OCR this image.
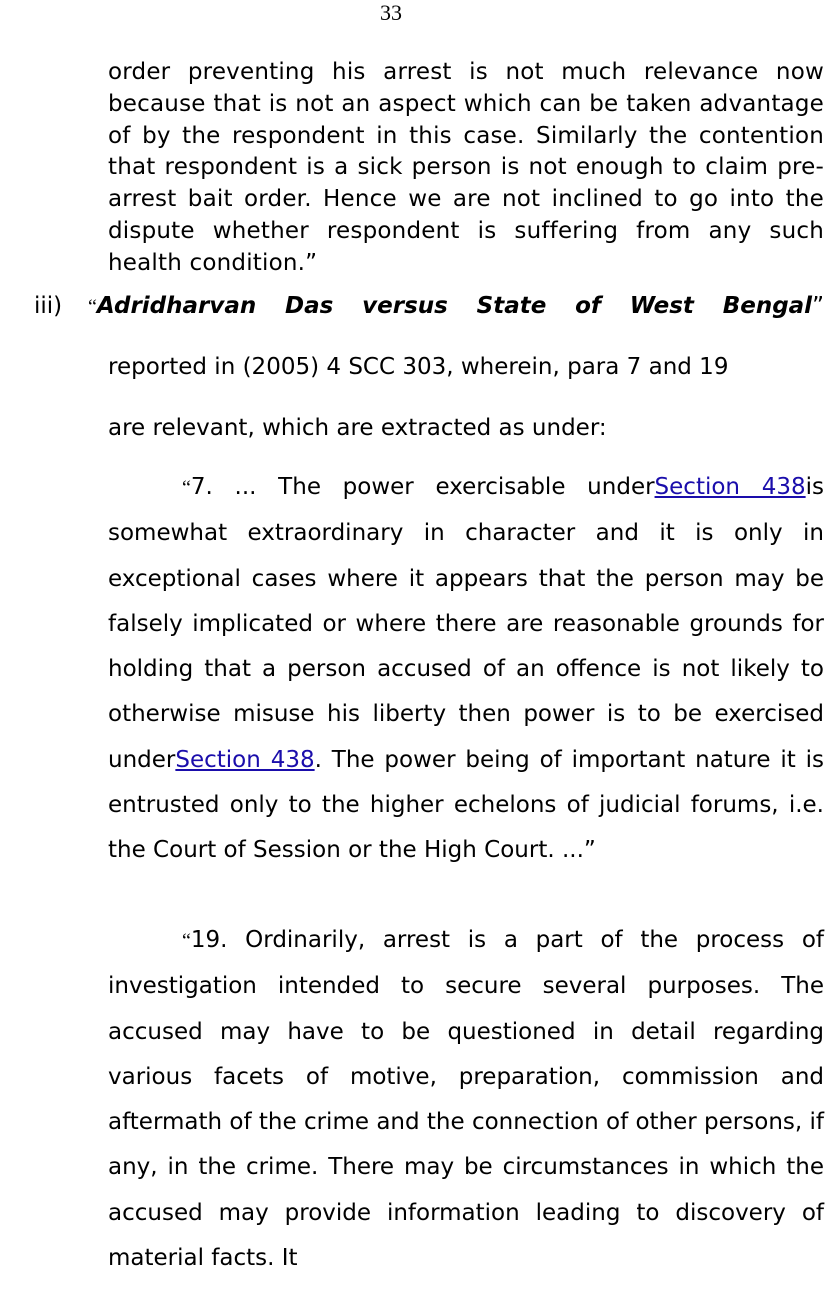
33
order preventing his arrest is not much relevance now because that is not an aspect which can be taken advantage of by the respondent in this case. Similarly the contention that respondent is a sick person is not enough to claim pre-arrest bait order. Hence we are not inclined to go into the dispute whether respondent is suffering from any such health condition.”
iii) “Adridharvan Das versus State of West Bengal”
reported in (2005) 4 SCC 303, wherein, para 7 and 19
are relevant, which are extracted as under:
“7. ... The power exercisable underSection 438is somewhat extraordinary in character and it is only in exceptional cases where it appears that the person may be falsely implicated or where there are reasonable grounds for holding that a person accused of an offence is not likely to otherwise misuse his liberty then power is to be exercised underSection 438. The power being of important nature it is entrusted only to the higher echelons of judicial forums, i.e. the Court of Session or the High Court. ...”
“19. Ordinarily, arrest is a part of the process of investigation intended to secure several purposes. The accused may have to be questioned in detail regarding various facets of motive, preparation, commission and aftermath of the crime and the connection of other persons, if any, in the crime. There may be circumstances in which the accused may provide information leading to discovery of material facts. It
